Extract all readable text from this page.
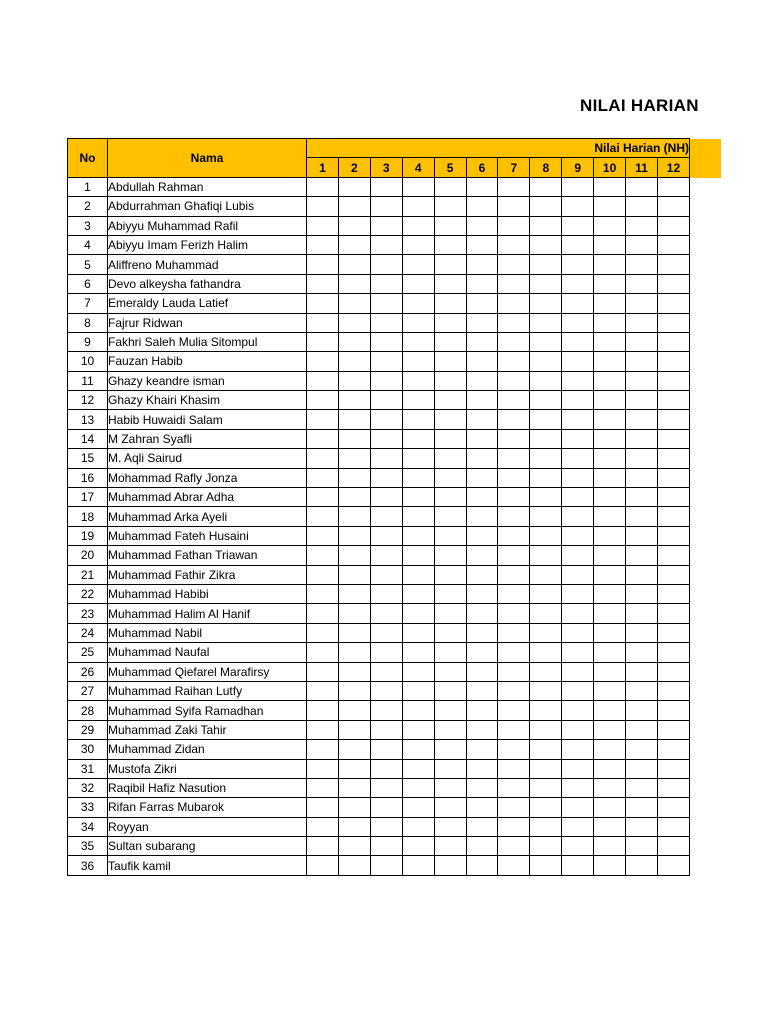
NILAI HARIAN
No	Nama	Nilai Harian (NH)											
		1	2	3	4	5	6	7	8	9	10	11	12
1	Abdullah Rahman												
2	Abdurrahman Ghafiqi Lubis												
3	Abiyyu Muhammad Rafil												
4	Abiyyu Imam Ferizh Halim												
5	Aliffreno Muhammad												
6	Devo alkeysha fathandra												
7	Emeraldy Lauda Latief												
8	Fajrur Ridwan												
9	Fakhri Saleh Mulia Sitompul												
10	Fauzan Habib												
11	Ghazy keandre isman												
12	Ghazy Khairi Khasim												
13	Habib Huwaidi Salam												
14	M Zahran Syafli												
15	M. Aqli Sairud												
16	Mohammad Rafly Jonza												
17	Muhammad Abrar Adha												
18	Muhammad Arka Ayeli												
19	Muhammad Fateh Husaini												
20	Muhammad Fathan Triawan												
21	Muhammad Fathir Zikra												
22	Muhammad Habibi												
23	Muhammad Halim Al Hanif												
24	Muhammad Nabil												
25	Muhammad Naufal												
26	Muhammad Qiefarel Marafirsy												
27	Muhammad Raihan Lutfy												
28	Muhammad Syifa Ramadhan												
29	Muhammad Zaki Tahir												
30	Muhammad Zidan												
31	Mustofa Zikri												
32	Raqibil Hafiz Nasution												
33	Rifan Farras Mubarok												
34	Royyan												
35	Sultan subarang												
36	Taufik kamil												
